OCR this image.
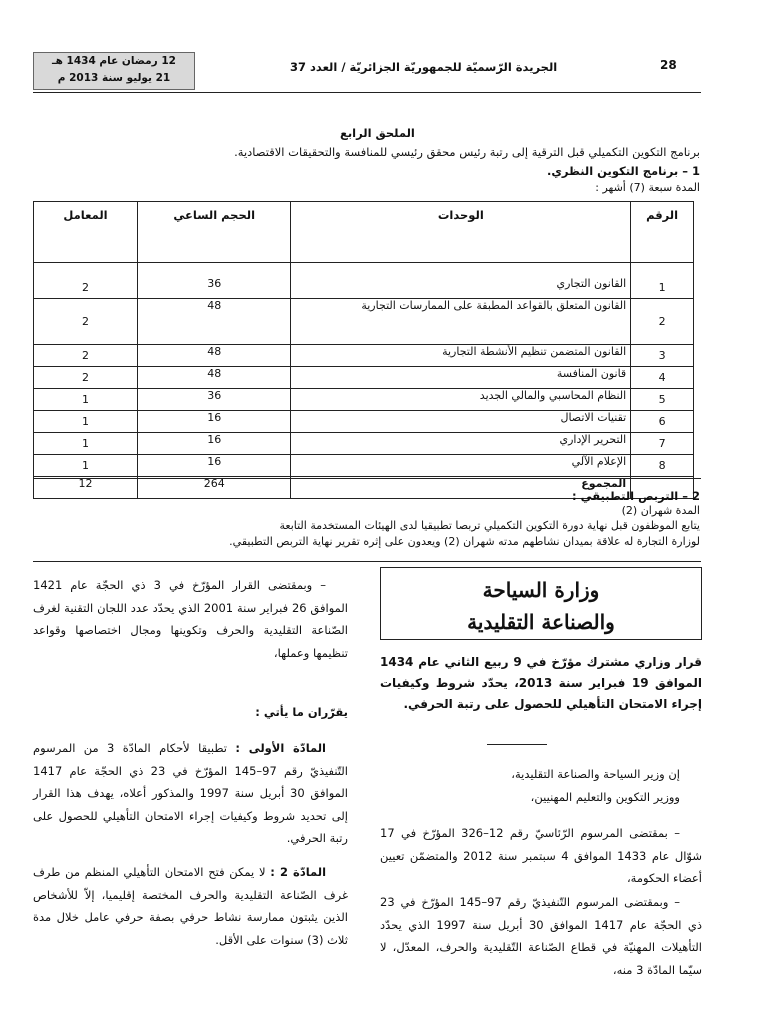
12 رمضان عام 1434 هـ
21 يوليو سنة 2013 م
الجريدة الرّسميّة للجمهوريّة الجزائريّة / العدد 37	28
الملحق الرابع
برنامج التكوين التكميلي قبل الترقية إلى رتبة رئيس محقق رئيسي للمنافسة والتحقيقات الاقتصادية.
1 – برنامج التكوين النظري.
المدة سبعة (7) أشهر :
الرقم	الوحدات	الحجم الساعي	المعامل
1	القانون التجاري	36	2
2	القانون المتعلق بالقواعد المطبقة على الممارسات التجارية	48	2
3	القانون المتضمن تنظيم الأنشطة التجارية	48	2
4	قانون المنافسة	48	2
5	النظام المحاسبي والمالي الجديد	36	1
6	تقنيات الاتصال	16	1
7	التحرير الإداري	16	1
8	الإعلام الآلي	16	1
	المجموع	264	12
2 – التربص التطبيقي :
المدة شهران (2)
يتابع الموظفون قبل نهاية دورة التكوين التكميلي تربصا تطبيقيا لدى الهيئات المستخدمة التابعة
لوزارة التجارة له علاقة بميدان نشاطهم مدته شهران (2) ويعدون على إثره تقرير نهاية التربص التطبيقي.
وزارة السياحة
والصناعة التقليدية
قرار وزاري مشترك مؤرّخ في 9 ربيع الثاني عام 1434 الموافق 19 فبراير سنة 2013، يحدّد شروط وكيفيات إجراء الامتحان التأهيلي للحصول على رتبة الحرفي.
إن وزير السياحة والصناعة التقليدية،
ووزير التكوين والتعليم المهنيين،
– بمقتضى المرسوم الرّئاسيّ رقم 12–326 المؤرّخ في 17 شوّال عام 1433 الموافق 4 سبتمبر سنة 2012 والمتضمّن تعيين أعضاء الحكومة،
– وبمقتضى المرسوم التّنفيذيّ رقم 97–145 المؤرّخ في 23 ذي الحجّة عام 1417 الموافق 30 أبريل سنة 1997 الذي يحدّد التأهيلات المهنيّة في قطاع الصّناعة التّقليدية والحرف، المعدّل، لا سيّما المادّة 3 منه،
– وبمقتضى القرار المؤرّخ في 3 ذي الحجّة عام 1421 الموافق 26 فبراير سنة 2001 الذي يحدّد عدد اللجان التقنية لغرف الصّناعة التقليدية والحرف وتكوينها ومجال اختصاصها وقواعد تنظيمها وعملها،
يقرّران ما يأتي :
المادّة الأولى : تطبيقا لأحكام المادّة 3 من المرسوم التّنفيذيّ رقم 97–145 المؤرّخ في 23 ذي الحجّة عام 1417 الموافق 30 أبريل سنة 1997 والمذكور أعلاه، يهدف هذا القرار إلى تحديد شروط وكيفيات إجراء الامتحان التأهيلي للحصول على رتبة الحرفي.
المادّة 2 : لا يمكن فتح الامتحان التأهيلي المنظم من طرف غرف الصّناعة التقليدية والحرف المختصة إقليميا، إلاّ للأشخاص الذين يثبتون ممارسة نشاط حرفي بصفة حرفي عامل خلال مدة ثلاث (3) سنوات على الأقل.
